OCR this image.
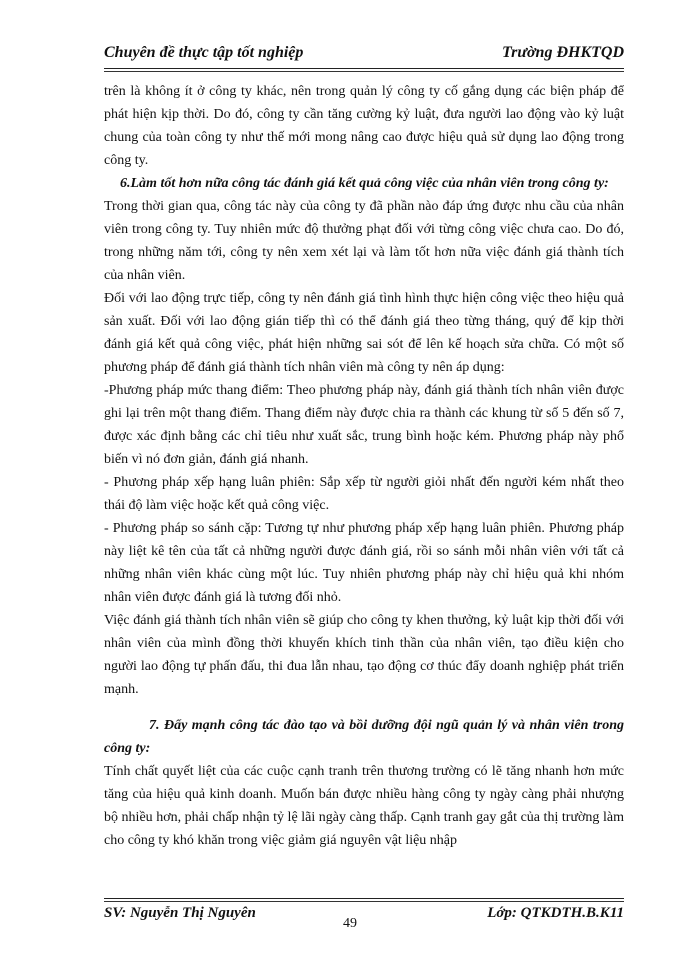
Chuyên đề thực tập tốt nghiệp	Trường ĐHKTQD

trên là không ít ở công ty khác, nên trong quản lý công ty cố gắng dụng các biện pháp để phát hiện kịp thời. Do đó, công ty cần tăng cường kỷ luật, đưa người lao động vào kỷ luật chung của toàn công ty như thế mới mong nâng cao được hiệu quả sử dụng lao động trong công ty.

6.Làm tốt hơn nữa công tác đánh giá kết quả công việc của nhân viên trong công ty:

Trong thời gian qua, công tác này của công ty đã phần nào đáp ứng được nhu cầu của nhân viên trong công ty. Tuy nhiên mức độ thưởng phạt đối với từng công việc chưa cao. Do đó, trong những năm tới, công ty nên xem xét lại và làm tốt hơn nữa việc đánh giá thành tích của nhân viên.

Đối với lao động trực tiếp, công ty nên đánh giá tình hình thực hiện công việc theo hiệu quả sản xuất. Đối với lao động gián tiếp thì có thể đánh giá theo từng tháng, quý để kịp thời đánh giá kết quả công việc, phát hiện những sai sót để lên kế hoạch sửa chữa. Có một số phương pháp để đánh giá thành tích nhân viên mà công ty nên áp dụng:

-Phương pháp mức thang điểm: Theo phương pháp này, đánh giá thành tích nhân viên được ghi lại trên một thang điểm. Thang điểm này được chia ra thành các khung từ số 5 đến số 7, được xác định bằng các chỉ tiêu như xuất sắc, trung bình hoặc kém. Phương pháp này phổ biến vì nó đơn giản, đánh giá nhanh.

- Phương pháp xếp hạng luân phiên: Sắp xếp từ người giỏi nhất đến người kém nhất theo thái độ làm việc hoặc kết quả công việc.

- Phương pháp so sánh cặp: Tương tự như phương pháp xếp hạng luân phiên. Phương pháp này liệt kê tên của tất cả những người được đánh giá, rồi so sánh mỗi nhân viên với tất cả những nhân viên khác cùng một lúc. Tuy nhiên phương pháp này chỉ hiệu quả khi nhóm nhân viên được đánh giá là tương đối nhỏ.

Việc đánh giá thành tích nhân viên sẽ giúp cho công ty khen thưởng, kỷ luật kịp thời đối với nhân viên của mình đồng thời khuyến khích tinh thần của nhân viên, tạo điều kiện cho người lao động tự phấn đấu, thi đua lẫn nhau, tạo động cơ thúc đẩy doanh nghiệp phát triển mạnh.

7. Đẩy mạnh công tác đào tạo và bồi dưỡng đội ngũ quản lý và nhân viên trong công ty:

Tính chất quyết liệt của các cuộc cạnh tranh trên thương trường có lẽ tăng nhanh hơn mức tăng của hiệu quả kinh doanh. Muốn bán được nhiều hàng công ty ngày càng phải nhượng bộ nhiều hơn, phải chấp nhận tỷ lệ lãi ngày càng thấp. Cạnh tranh gay gắt của thị trường làm cho công ty khó khăn trong việc giảm giá nguyên vật liệu nhập

SV: Nguyễn Thị Nguyên	Lớp: QTKDTH.B.K11
49
